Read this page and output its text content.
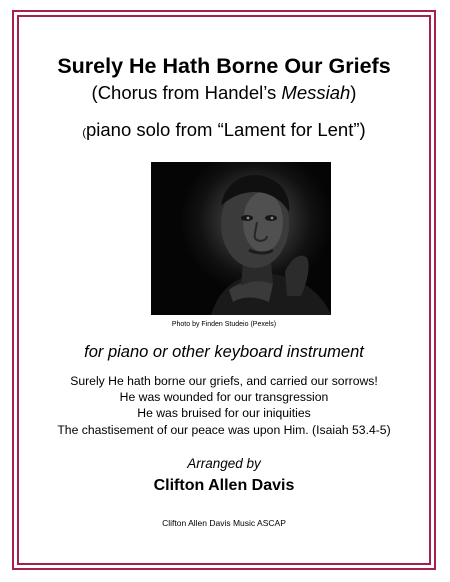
Surely He Hath Borne Our Griefs
(Chorus from Handel’s Messiah)
(piano solo from “Lament for Lent”)
Photo by Finden Studeio (Pexels)
for piano or other keyboard instrument
Surely He hath borne our griefs, and carried our sorrows!
He was wounded for our transgression
He was bruised for our iniquities
The chastisement of our peace was upon Him. (Isaiah 53.4-5)
Arranged by
Clifton Allen Davis
Clifton Allen Davis Music ASCAP
